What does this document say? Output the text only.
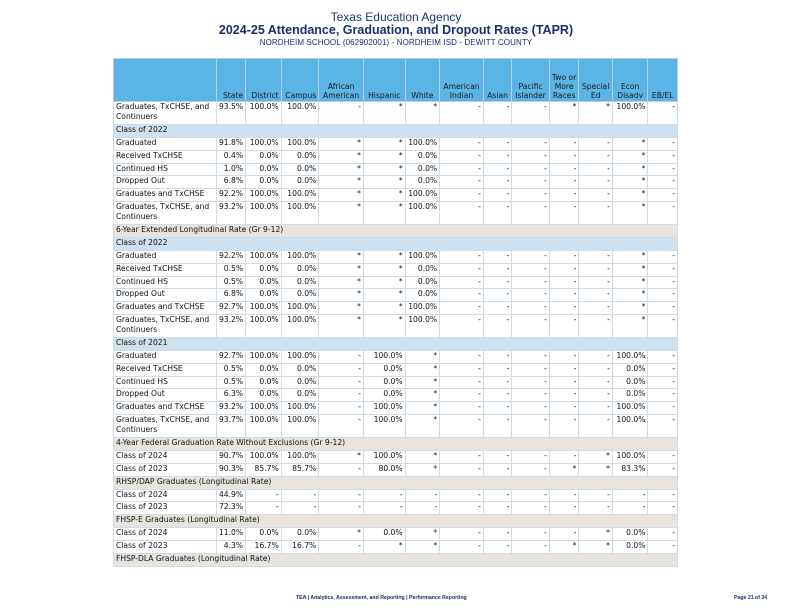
Texas Education Agency
2024-25 Attendance, Graduation, and Dropout Rates (TAPR)
NORDHEIM SCHOOL (062902001) - NORDHEIM ISD - DEWITT COUNTY
	State	District	Campus	African American	Hispanic	White	American Indian	Asian	Pacific Islander	Two or More Races	Special Ed	Econ Disadv	EB/EL
Graduates, TxCHSE, and Continuers	93.5%	100.0%	100.0%	-	*	*	-	-	-	*	*	100.0%	-
Class of 2022													
Graduated	91.8%	100.0%	100.0%	*	*	100.0%	-	-	-	-	-	*	-
Received TxCHSE	0.4%	0.0%	0.0%	*	*	0.0%	-	-	-	-	-	*	-
Continued HS	1.0%	0.0%	0.0%	*	*	0.0%	-	-	-	-	-	*	-
Dropped Out	6.8%	0.0%	0.0%	*	*	0.0%	-	-	-	-	-	*	-
Graduates and TxCHSE	92.2%	100.0%	100.0%	*	*	100.0%	-	-	-	-	-	*	-
Graduates, TxCHSE, and Continuers	93.2%	100.0%	100.0%	*	*	100.0%	-	-	-	-	-	*	-
6-Year Extended Longitudinal Rate (Gr 9-12)													
Class of 2022													
Graduated	92.2%	100.0%	100.0%	*	*	100.0%	-	-	-	-	-	*	-
Received TxCHSE	0.5%	0.0%	0.0%	*	*	0.0%	-	-	-	-	-	*	-
Continued HS	0.5%	0.0%	0.0%	*	*	0.0%	-	-	-	-	-	*	-
Dropped Out	6.8%	0.0%	0.0%	*	*	0.0%	-	-	-	-	-	*	-
Graduates and TxCHSE	92.7%	100.0%	100.0%	*	*	100.0%	-	-	-	-	-	*	-
Graduates, TxCHSE, and Continuers	93.2%	100.0%	100.0%	*	*	100.0%	-	-	-	-	-	*	-
Class of 2021													
Graduated	92.7%	100.0%	100.0%	-	100.0%	*	-	-	-	-	-	100.0%	-
Received TxCHSE	0.5%	0.0%	0.0%	-	0.0%	*	-	-	-	-	-	0.0%	-
Continued HS	0.5%	0.0%	0.0%	-	0.0%	*	-	-	-	-	-	0.0%	-
Dropped Out	6.3%	0.0%	0.0%	-	0.0%	*	-	-	-	-	-	0.0%	-
Graduates and TxCHSE	93.2%	100.0%	100.0%	-	100.0%	*	-	-	-	-	-	100.0%	-
Graduates, TxCHSE, and Continuers	93.7%	100.0%	100.0%	-	100.0%	*	-	-	-	-	-	100.0%	-
4-Year Federal Graduation Rate Without Exclusions (Gr 9-12)													
Class of 2024	90.7%	100.0%	100.0%	*	100.0%	*	-	-	-	-	*	100.0%	-
Class of 2023	90.3%	85.7%	85.7%	-	80.0%	*	-	-	-	*	*	83.3%	-
RHSP/DAP Graduates (Longitudinal Rate)													
Class of 2024	44.9%	-	-	-	-	-	-	-	-	-	-	-	-
Class of 2023	72.3%	-	-	-	-	-	-	-	-	-	-	-	-
FHSP-E Graduates (Longitudinal Rate)													
Class of 2024	11.0%	0.0%	0.0%	*	0.0%	*	-	-	-	-	*	0.0%	-
Class of 2023	4.3%	16.7%	16.7%	-	*	*	-	-	-	*	*	0.0%	-
FHSP-DLA Graduates (Longitudinal Rate)													
TEA | Analytics, Assessment, and Reporting | Performance Reporting	Page 21 of 34
